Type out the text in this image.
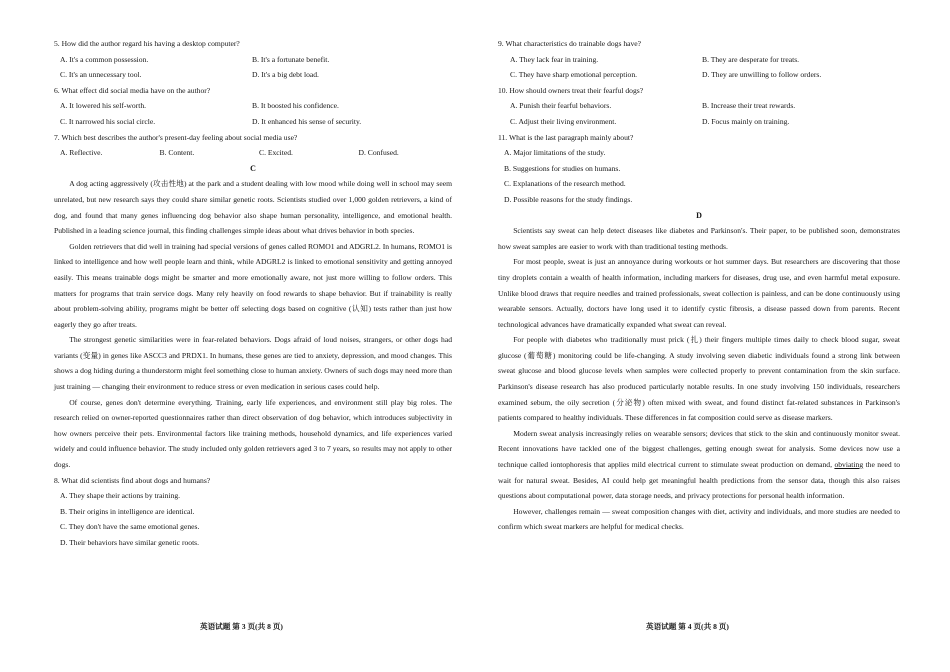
5. How did the author regard his having a desktop computer?
A. It's a common possession.	B. It's a fortunate benefit.
C. It's an unnecessary tool.	D. It's a big debt load.
6. What effect did social media have on the author?
A. It lowered his self-worth.	B. It boosted his confidence.
C. It narrowed his social circle.	D. It enhanced his sense of security.
7. Which best describes the author's present-day feeling about social media use?
A. Reflective.	B. Content.	C. Excited.	D. Confused.
C

A dog acting aggressively (攻击性地) at the park and a student dealing with low mood while doing well in school may seem unrelated, but new research says they could share similar genetic roots. Scientists studied over 1,000 golden retrievers, a kind of dog, and found that many genes influencing dog behavior also shape human personality, intelligence, and emotional health. Published in a leading science journal, this finding challenges simple ideas about what drives behavior in both species.

Golden retrievers that did well in training had special versions of genes called ROMO1 and ADGRL2. In humans, ROMO1 is linked to intelligence and how well people learn and think, while ADGRL2 is linked to emotional sensitivity and getting annoyed easily. This means trainable dogs might be smarter and more emotionally aware, not just more willing to follow orders. This matters for programs that train service dogs. Many rely heavily on food rewards to shape behavior. But if trainability is really about problem-solving ability, programs might be better off selecting dogs based on cognitive (认知) tests rather than just how eagerly they go after treats.

The strongest genetic similarities were in fear-related behaviors. Dogs afraid of loud noises, strangers, or other dogs had variants (变量) in genes like ASCC3 and PRDX1. In humans, these genes are tied to anxiety, depression, and mood changes. This shows a dog hiding during a thunderstorm might feel something close to human anxiety. Owners of such dogs may need more than just training — changing their environment to reduce stress or even medication in serious cases could help.

Of course, genes don't determine everything. Training, early life experiences, and environment still play big roles. The research relied on owner-reported questionnaires rather than direct observation of dog behavior, which introduces subjectivity in how owners perceive their pets. Environmental factors like training methods, household dynamics, and life experiences varied widely and could influence behavior. The study included only golden retrievers aged 3 to 7 years, so results may not apply to other dogs.

8. What did scientists find about dogs and humans?
A. They shape their actions by training.
B. Their origins in intelligence are identical.
C. They don't have the same emotional genes.
D. Their behaviors have similar genetic roots.
9. What characteristics do trainable dogs have?
A. They lack fear in training.	B. They are desperate for treats.
C. They have sharp emotional perception.	D. They are unwilling to follow orders.
10. How should owners treat their fearful dogs?
A. Punish their fearful behaviors.	B. Increase their treat rewards.
C. Adjust their living environment.	D. Focus mainly on training.
11. What is the last paragraph mainly about?
A. Major limitations of the study.
B. Suggestions for studies on humans.
C. Explanations of the research method.
D. Possible reasons for the study findings.
D

Scientists say sweat can help detect diseases like diabetes and Parkinson's. Their paper, to be published soon, demonstrates how sweat samples are easier to work with than traditional testing methods.

For most people, sweat is just an annoyance during workouts or hot summer days. But researchers are discovering that those tiny droplets contain a wealth of health information, including markers for diseases, drug use, and even harmful metal exposure. Unlike blood draws that require needles and trained professionals, sweat collection is painless, and can be done continuously using wearable sensors. Actually, doctors have long used it to identify cystic fibrosis, a disease passed down from parents. Recent technological advances have dramatically expanded what sweat can reveal.

For people with diabetes who traditionally must prick (扎) their fingers multiple times daily to check blood sugar, sweat glucose (葡萄糖) monitoring could be life-changing. A study involving seven diabetic individuals found a strong link between sweat glucose and blood glucose levels when samples were collected properly to prevent contamination from the skin surface. Parkinson's disease research has also produced particularly notable results. In one study involving 150 individuals, researchers examined sebum, the oily secretion (分泌物) often mixed with sweat, and found distinct fat-related substances in Parkinson's patients compared to healthy individuals. These differences in fat composition could serve as disease markers.

Modern sweat analysis increasingly relies on wearable sensors; devices that stick to the skin and continuously monitor sweat. Recent innovations have tackled one of the biggest challenges, getting enough sweat for analysis. Some devices now use a technique called iontophoresis that applies mild electrical current to stimulate sweat production on demand, obviating the need to wait for natural sweat. Besides, AI could help get meaningful health predictions from the sensor data, though this also raises questions about computational power, data storage needs, and privacy protections for personal health information.

However, challenges remain — sweat composition changes with diet, activity and individuals, and more studies are needed to confirm which sweat markers are helpful for medical checks.

英语试题 第 3 页(共 8 页)	英语试题 第 4 页(共 8 页)
